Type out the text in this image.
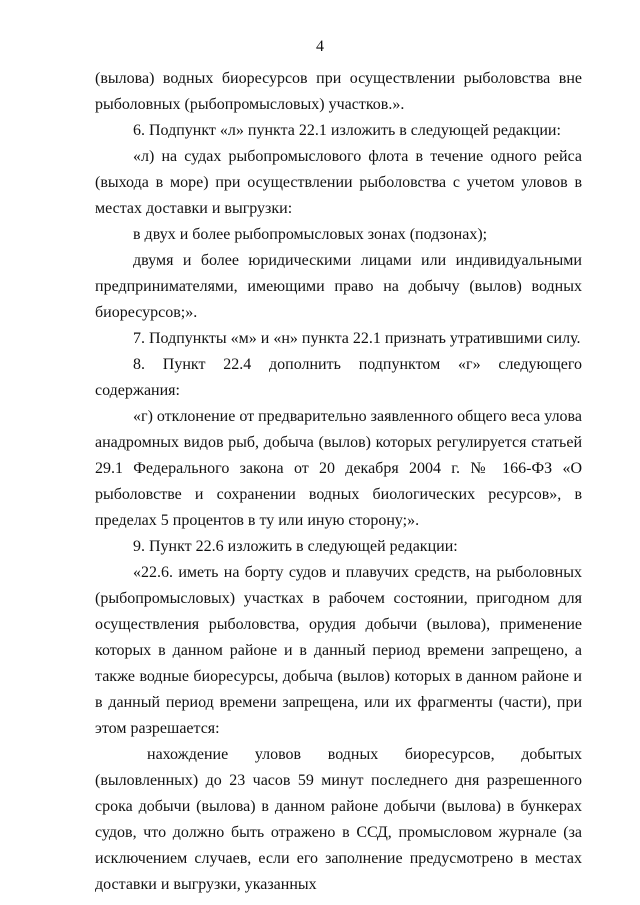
4

(вылова) водных биоресурсов при осуществлении рыболовства вне рыболовных (рыбопромысловых) участков.».

6. Подпункт «л» пункта 22.1 изложить в следующей редакции:

«л) на судах рыбопромыслового флота в течение одного рейса (выхода в море) при осуществлении рыболовства с учетом уловов в местах доставки и выгрузки:

в двух и более рыбопромысловых зонах (подзонах);

двумя и более юридическими лицами или индивидуальными предпринимателями, имеющими право на добычу (вылов) водных биоресурсов;».

7. Подпункты «м» и «н» пункта 22.1 признать утратившими силу.

8. Пункт 22.4 дополнить подпунктом «г» следующего содержания:

«г) отклонение от предварительно заявленного общего веса улова анадромных видов рыб, добыча (вылов) которых регулируется статьей 29.1 Федерального закона от 20 декабря 2004 г. № 166-ФЗ «О рыболовстве и сохранении водных биологических ресурсов», в пределах 5 процентов в ту или иную сторону;».

9. Пункт 22.6 изложить в следующей редакции:

«22.6. иметь на борту судов и плавучих средств, на рыболовных (рыбопромысловых) участках в рабочем состоянии, пригодном для осуществления рыболовства, орудия добычи (вылова), применение которых в данном районе и в данный период времени запрещено, а также водные биоресурсы, добыча (вылов) которых в данном районе и в данный период времени запрещена, или их фрагменты (части), при этом разрешается:

нахождение уловов водных биоресурсов, добытых (выловленных) до 23 часов 59 минут последнего дня разрешенного срока добычи (вылова) в данном районе добычи (вылова) в бункерах судов, что должно быть отражено в ССД, промысловом журнале (за исключением случаев, если его заполнение предусмотрено в местах доставки и выгрузки, указанных
